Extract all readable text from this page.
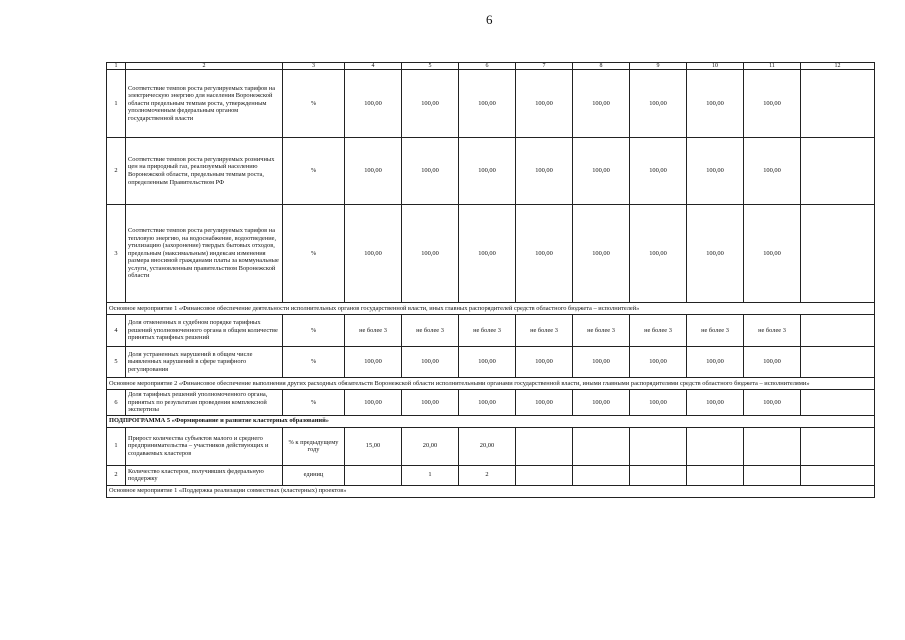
6
1	2	3	4	5	6	7	8	9	10	11	12
1	Соответствие темпов роста регулируемых тарифов на электрическую энергию для населения Воронежской области предельным темпам роста, утвержденным уполномоченным федеральным органом государственной власти	%	100,00	100,00	100,00	100,00	100,00	100,00	100,00	100,00	
2	Соответствие темпов роста регулируемых розничных цен на природный газ, реализуемый населению Воронежской области, предельным темпам роста, определенным Правительством РФ	%	100,00	100,00	100,00	100,00	100,00	100,00	100,00	100,00	
3	Соответствие темпов роста регулируемых тарифов на тепловую энергию, на водоснабжение, водоотведение, утилизацию (захоронение) твердых бытовых отходов, предельным (максимальным) индексам изменения размера вносимой гражданами платы за коммунальные услуги, установленным правительством Воронежской области	%	100,00	100,00	100,00	100,00	100,00	100,00	100,00	100,00	
Основное мероприятие 1 «Финансовое обеспечение деятельности исполнительных органов государственной власти, иных главных распорядителей средств областного бюджета – исполнителей»											
4	Доля отмененных в судебном порядке тарифных решений уполномоченного органа в общем количестве принятых тарифных решений	%	не более 3	не более 3	не более 3	не более 3	не более 3	не более 3	не более 3	не более 3	
5	Доля устраненных нарушений в общем числе выявленных нарушений в сфере тарифного регулирования	%	100,00	100,00	100,00	100,00	100,00	100,00	100,00	100,00	
Основное мероприятие 2 «Финансовое обеспечение выполнения других расходных обязательств Воронежской области исполнительными органами государственной власти, иными главными распорядителями средств областного бюджета – исполнителями»											
6	Доля тарифных решений уполномоченного органа, принятых по результатам проведения комплексной экспертизы	%	100,00	100,00	100,00	100,00	100,00	100,00	100,00	100,00	
ПОДПРОГРАММА 5 «Формирование и развитие кластерных образований»											
1	Прирост количества субъектов малого и среднего предпринимательства – участников действующих и создаваемых кластеров	% к предыдущему году	15,00	20,00	20,00						
2	Количество кластеров, получивших федеральную поддержку	единиц		1	2						
Основное мероприятие 1 «Поддержка реализации совместных (кластерных) проектов»											
